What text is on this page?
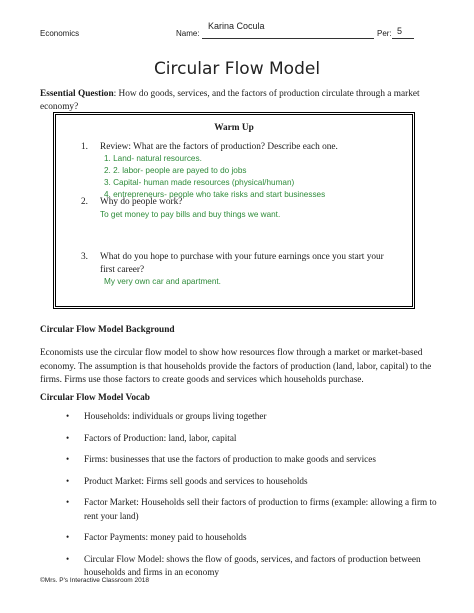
Karina Cocula
Economics	Name:	Per: 5
Circular Flow Model
Essential Question: How do goods, services, and the factors of production circulate through a market economy?
Warm Up
1. Review: What are the factors of production? Describe each one.
1. Land- natural resources.
2. 2. labor- people are payed to do jobs
3. Capital- human made resources (physical/human)
4. entrepreneurs- people who take risks and start businesses
2. Why do people work?
To get money to pay bills and buy things we want.
3. What do you hope to purchase with your future earnings once you start your first career?
My very own car and apartment.
Circular Flow Model Background
Economists use the circular flow model to show how resources flow through a market or market-based economy. The assumption is that households provide the factors of production (land, labor, capital) to the firms. Firms use those factors to create goods and services which households purchase.
Circular Flow Model Vocab
• Households: individuals or groups living together
• Factors of Production: land, labor, capital
• Firms: businesses that use the factors of production to make goods and services
• Product Market: Firms sell goods and services to households
• Factor Market: Households sell their factors of production to firms (example: allowing a firm to rent your land)
• Factor Payments: money paid to households
• Circular Flow Model: shows the flow of goods, services, and factors of production between households and firms in an economy
©Mrs. P's Interactive Classroom 2018
